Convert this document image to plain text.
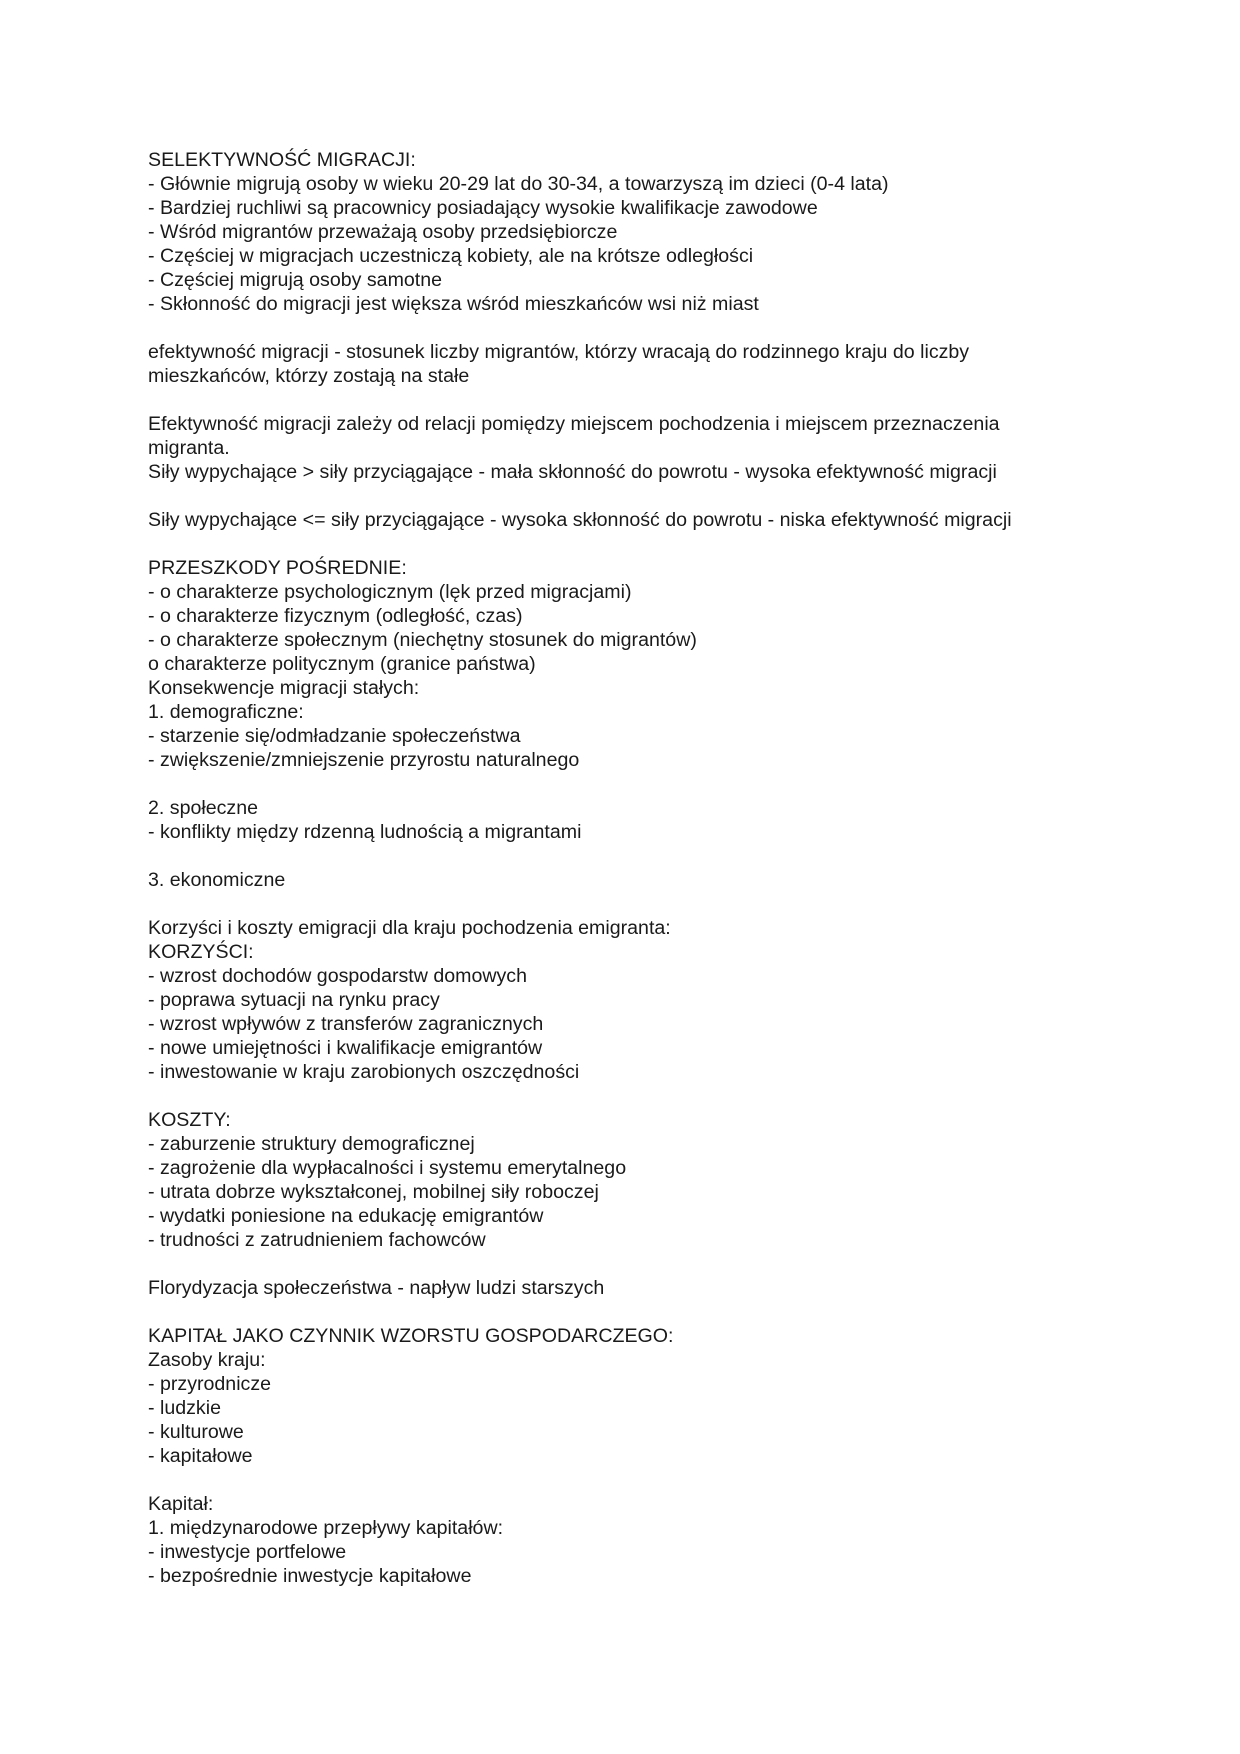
SELEKTYWNOŚĆ MIGRACJI:
- Głównie migrują osoby w wieku 20-29 lat do 30-34, a towarzyszą im dzieci (0-4 lata)
- Bardziej ruchliwi są pracownicy posiadający wysokie kwalifikacje zawodowe
- Wśród migrantów przeważają osoby przedsiębiorcze
- Częściej w migracjach uczestniczą kobiety, ale na krótsze odległości
- Częściej migrują osoby samotne
- Skłonność do migracji jest większa wśród mieszkańców wsi niż miast
efektywność migracji - stosunek liczby migrantów, którzy wracają do rodzinnego kraju do liczby
mieszkańców, którzy zostają na stałe
Efektywność migracji zależy od relacji pomiędzy miejscem pochodzenia i miejscem przeznaczenia
migranta.
Siły wypychające > siły przyciągające - mała skłonność do powrotu - wysoka efektywność migracji
Siły wypychające <= siły przyciągające - wysoka skłonność do powrotu - niska efektywność migracji
PRZESZKODY POŚREDNIE:
- o charakterze psychologicznym (lęk przed migracjami)
- o charakterze fizycznym (odległość, czas)
- o charakterze społecznym (niechętny stosunek do migrantów)
o charakterze politycznym (granice państwa)
Konsekwencje migracji stałych:
1. demograficzne:
- starzenie się/odmładzanie społeczeństwa
- zwiększenie/zmniejszenie przyrostu naturalnego
2. społeczne
- konflikty między rdzenną ludnością a migrantami
3. ekonomiczne
Korzyści i koszty emigracji dla kraju pochodzenia emigranta:
KORZYŚCI:
- wzrost dochodów gospodarstw domowych
- poprawa sytuacji na rynku pracy
- wzrost wpływów z transferów zagranicznych
- nowe umiejętności i kwalifikacje emigrantów
- inwestowanie w kraju zarobionych oszczędności
KOSZTY:
- zaburzenie struktury demograficznej
- zagrożenie dla wypłacalności i systemu emerytalnego
- utrata dobrze wykształconej, mobilnej siły roboczej
- wydatki poniesione na edukację emigrantów
- trudności z zatrudnieniem fachowców
Florydyzacja społeczeństwa - napływ ludzi starszych
KAPITAŁ JAKO CZYNNIK WZORSTU GOSPODARCZEGO:
Zasoby kraju:
- przyrodnicze
- ludzkie
- kulturowe
- kapitałowe
Kapitał:
1. międzynarodowe przepływy kapitałów:
- inwestycje portfelowe
- bezpośrednie inwestycje kapitałowe
